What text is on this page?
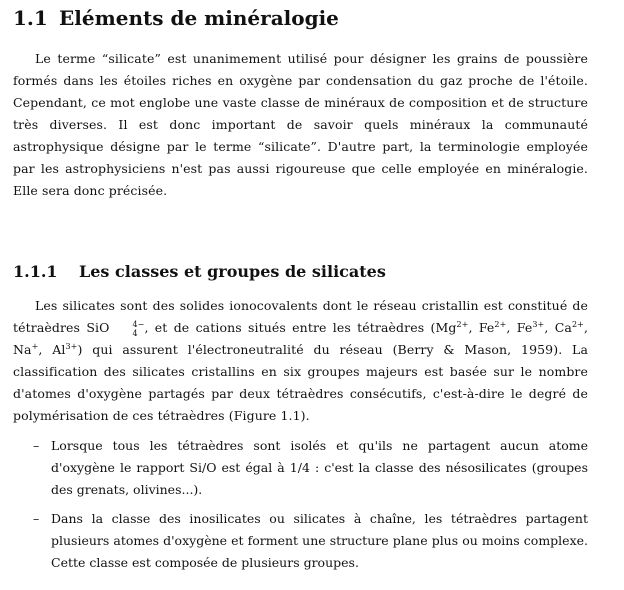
1.1 Eléments de minéralogie

Le terme “silicate” est unanimement utilisé pour désigner les grains de poussière formés dans les étoiles riches en oxygène par condensation du gaz proche de l'étoile. Cependant, ce mot englobe une vaste classe de minéraux de composition et de structure très diverses. Il est donc important de savoir quels minéraux la communauté astrophysique désigne par le terme “silicate”. D'autre part, la terminologie employée par les astrophysiciens n'est pas aussi rigoureuse que celle employée en minéralogie. Elle sera donc précisée.

1.1.1 Les classes et groupes de silicates

Les silicates sont des solides ionocovalents dont le réseau cristallin est constitué de tétraèdres SiO	4−
4 , et de cations situés entre les tétraèdres ($Mg^{2+}$, $Fe^{2+}$, $Fe^{3+}$, $Ca^{2+}$, Na+, $Al^{3+}$) qui assurent l'électroneutralité du réseau (Berry & Mason, 1959). La classification des silicates cristallins en six groupes majeurs est basée sur le nombre d'atomes d'oxygène partagés par deux tétraèdres consécutifs, c'est-à-dire le degré de polymérisation de ces tétraèdres (Figure 1.1).

– Lorsque tous les tétraèdres sont isolés et qu'ils ne partagent aucun atome d'oxygène le rapport Si/O est égal à 1/4 : c'est la classe des nésosilicates (groupes des grenats, olivines...).
– Dans la classe des inosilicates ou silicates à chaîne, les tétraèdres partagent plusieurs atomes d'oxygène et forment une structure plane plus ou moins complexe. Cette classe est composée de plusieurs groupes.
